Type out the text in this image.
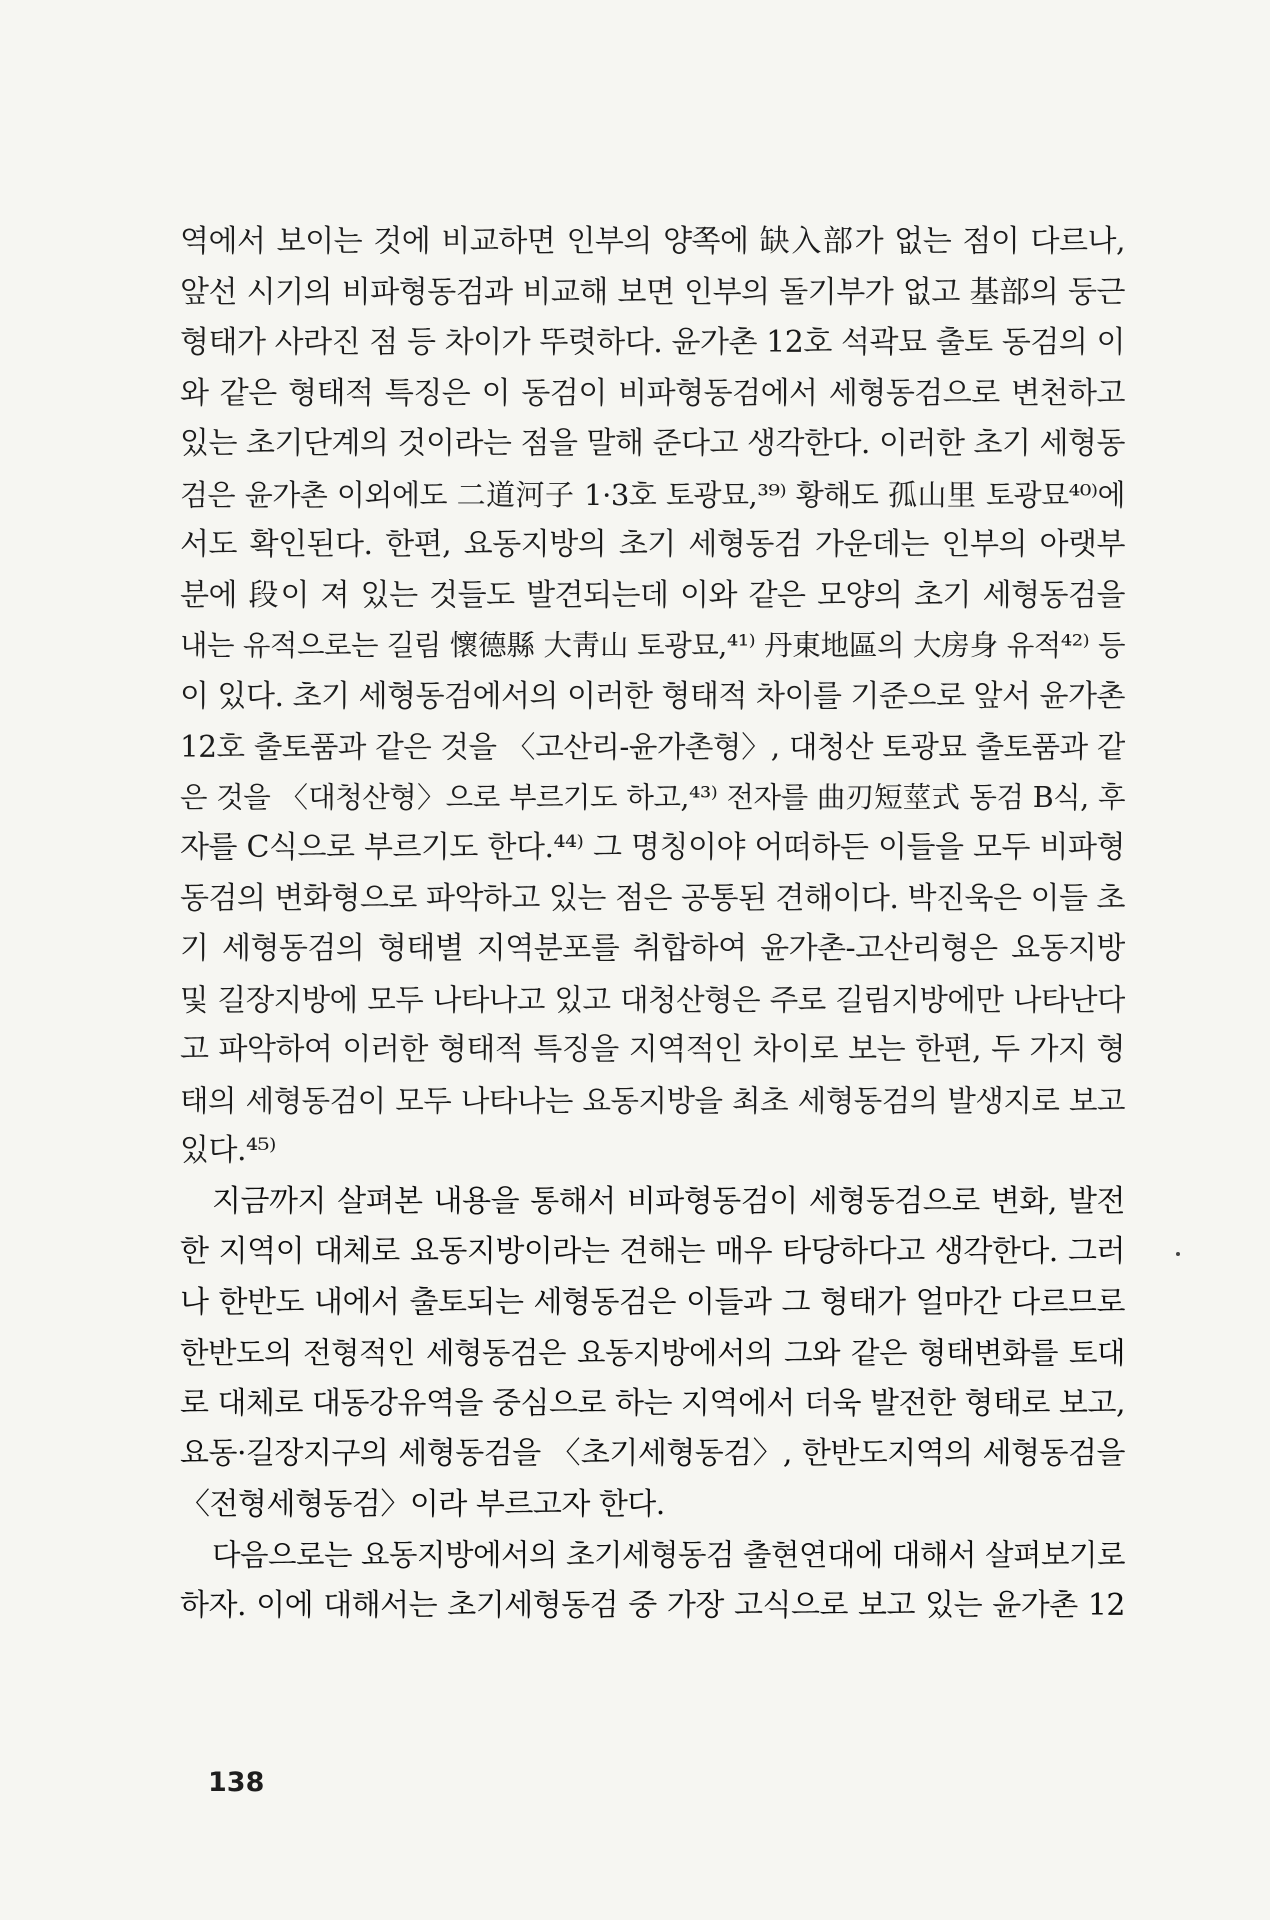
역에서 보이는 것에 비교하면 인부의 양쪽에 缺入部가 없는 점이 다르나,
앞선 시기의 비파형동검과 비교해 보면 인부의 돌기부가 없고 基部의 둥근
형태가 사라진 점 등 차이가 뚜렷하다. 윤가촌 12호 석곽묘 출토 동검의 이
와 같은 형태적 특징은 이 동검이 비파형동검에서 세형동검으로 변천하고
있는 초기단계의 것이라는 점을 말해 준다고 생각한다. 이러한 초기 세형동
검은 윤가촌 이외에도 二道河子 1·3호 토광묘,³⁹⁾ 황해도 孤山里 토광묘⁴⁰⁾에
서도 확인된다. 한편, 요동지방의 초기 세형동검 가운데는 인부의 아랫부
분에 段이 져 있는 것들도 발견되는데 이와 같은 모양의 초기 세형동검을
내는 유적으로는 길림 懷德縣 大靑山 토광묘,⁴¹⁾ 丹東地區의 大房身 유적⁴²⁾ 등
이 있다. 초기 세형동검에서의 이러한 형태적 차이를 기준으로 앞서 윤가촌
12호 출토품과 같은 것을 〈고산리-윤가촌형〉, 대청산 토광묘 출토품과 같
은 것을 〈대청산형〉으로 부르기도 하고,⁴³⁾ 전자를 曲刃短莖式 동검 B식, 후
자를 C식으로 부르기도 한다.⁴⁴⁾ 그 명칭이야 어떠하든 이들을 모두 비파형
동검의 변화형으로 파악하고 있는 점은 공통된 견해이다. 박진욱은 이들 초
기 세형동검의 형태별 지역분포를 취합하여 윤가촌-고산리형은 요동지방
및 길장지방에 모두 나타나고 있고 대청산형은 주로 길림지방에만 나타난다
고 파악하여 이러한 형태적 특징을 지역적인 차이로 보는 한편, 두 가지 형
태의 세형동검이 모두 나타나는 요동지방을 최초 세형동검의 발생지로 보고
있다.⁴⁵⁾
지금까지 살펴본 내용을 통해서 비파형동검이 세형동검으로 변화, 발전
한 지역이 대체로 요동지방이라는 견해는 매우 타당하다고 생각한다. 그러
나 한반도 내에서 출토되는 세형동검은 이들과 그 형태가 얼마간 다르므로
한반도의 전형적인 세형동검은 요동지방에서의 그와 같은 형태변화를 토대
로 대체로 대동강유역을 중심으로 하는 지역에서 더욱 발전한 형태로 보고,
요동·길장지구의 세형동검을 〈초기세형동검〉, 한반도지역의 세형동검을
〈전형세형동검〉이라 부르고자 한다.
다음으로는 요동지방에서의 초기세형동검 출현연대에 대해서 살펴보기로
하자. 이에 대해서는 초기세형동검 중 가장 고식으로 보고 있는 윤가촌 12
138
